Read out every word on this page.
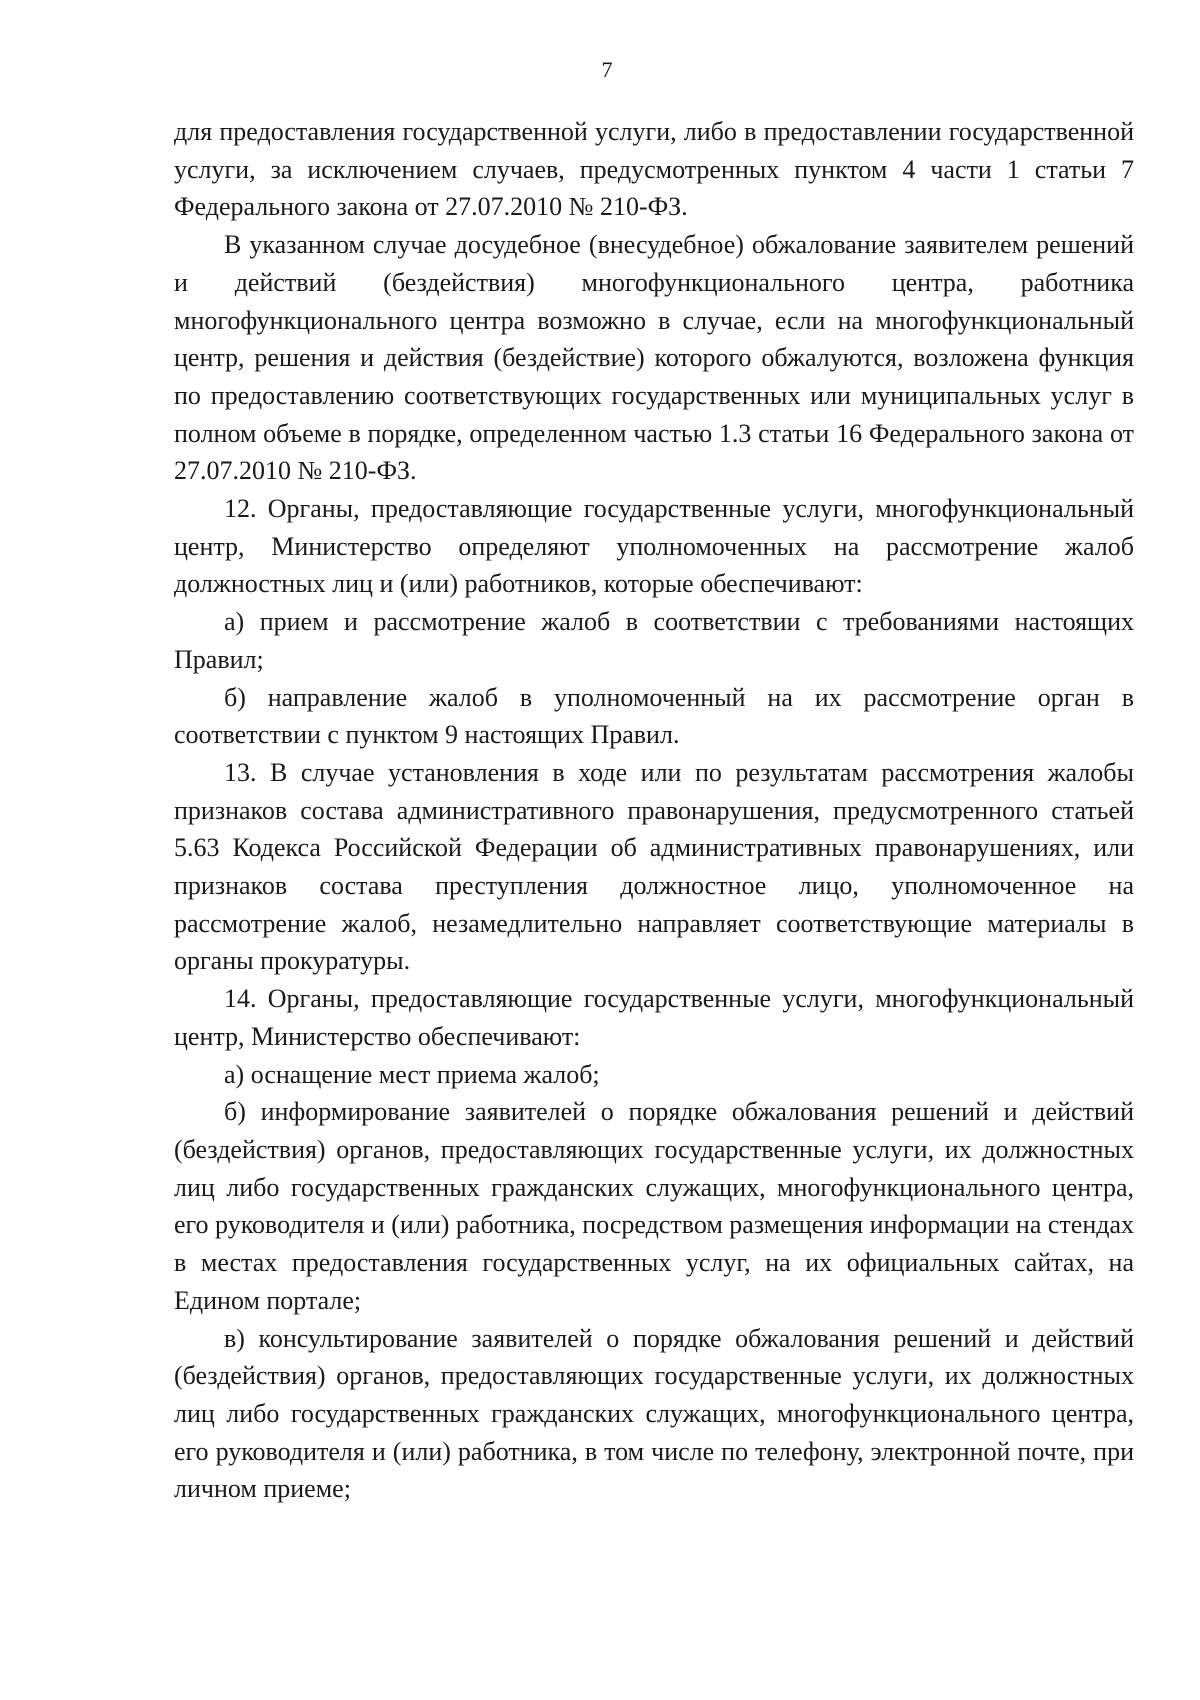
7

для предоставления государственной услуги, либо в предоставлении государственной услуги, за исключением случаев, предусмотренных пунктом 4 части 1 статьи 7 Федерального закона от 27.07.2010 № 210-ФЗ.

В указанном случае досудебное (внесудебное) обжалование заявителем решений и действий (бездействия) многофункционального центра, работника многофункционального центра возможно в случае, если на многофункциональный центр, решения и действия (бездействие) которого обжалуются, возложена функция по предоставлению соответствующих государственных или муниципальных услуг в полном объеме в порядке, определенном частью 1.3 статьи 16 Федерального закона от 27.07.2010 № 210-ФЗ.

12. Органы, предоставляющие государственные услуги, многофункциональный центр, Министерство определяют уполномоченных на рассмотрение жалоб должностных лиц и (или) работников, которые обеспечивают:

а) прием и рассмотрение жалоб в соответствии с требованиями настоящих Правил;

б) направление жалоб в уполномоченный на их рассмотрение орган в соответствии с пунктом 9 настоящих Правил.

13. В случае установления в ходе или по результатам рассмотрения жалобы признаков состава административного правонарушения, предусмотренного статьей 5.63 Кодекса Российской Федерации об административных правонарушениях, или признаков состава преступления должностное лицо, уполномоченное на рассмотрение жалоб, незамедлительно направляет соответствующие материалы в органы прокуратуры.

14. Органы, предоставляющие государственные услуги, многофункциональный центр, Министерство обеспечивают:

а) оснащение мест приема жалоб;

б) информирование заявителей о порядке обжалования решений и действий (бездействия) органов, предоставляющих государственные услуги, их должностных лиц либо государственных гражданских служащих, многофункционального центра, его руководителя и (или) работника, посредством размещения информации на стендах в местах предоставления государственных услуг, на их официальных сайтах, на Едином портале;

в) консультирование заявителей о порядке обжалования решений и действий (бездействия) органов, предоставляющих государственные услуги, их должностных лиц либо государственных гражданских служащих, многофункционального центра, его руководителя и (или) работника, в том числе по телефону, электронной почте, при личном приеме;
